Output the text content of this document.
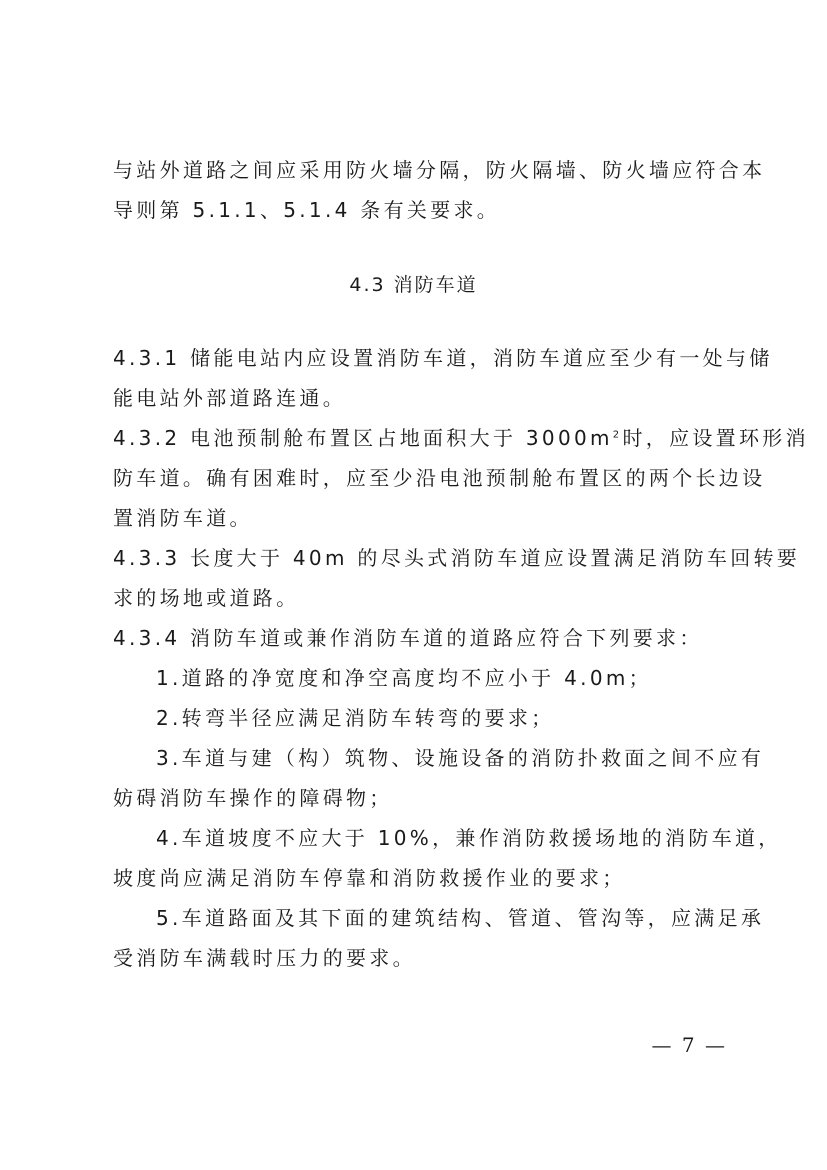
与站外道路之间应采用防火墙分隔，防火隔墙、防火墙应符合本
导则第 5.1.1、5.1.4 条有关要求。
4.3 消防车道
4.3.1 储能电站内应设置消防车道，消防车道应至少有一处与储
能电站外部道路连通。
4.3.2 电池预制舱布置区占地面积大于 $3000m^2$时，应设置环形消
防车道。确有困难时，应至少沿电池预制舱布置区的两个长边设
置消防车道。
4.3.3 长度大于 40m 的尽头式消防车道应设置满足消防车回转要
求的场地或道路。
4.3.4 消防车道或兼作消防车道的道路应符合下列要求：
1.道路的净宽度和净空高度均不应小于 4.0m；
2.转弯半径应满足消防车转弯的要求；
3.车道与建（构）筑物、设施设备的消防扑救面之间不应有
妨碍消防车操作的障碍物；
4.车道坡度不应大于 10%，兼作消防救援场地的消防车道，
坡度尚应满足消防车停靠和消防救援作业的要求；
5.车道路面及其下面的建筑结构、管道、管沟等，应满足承
受消防车满载时压力的要求。
— 7 —
